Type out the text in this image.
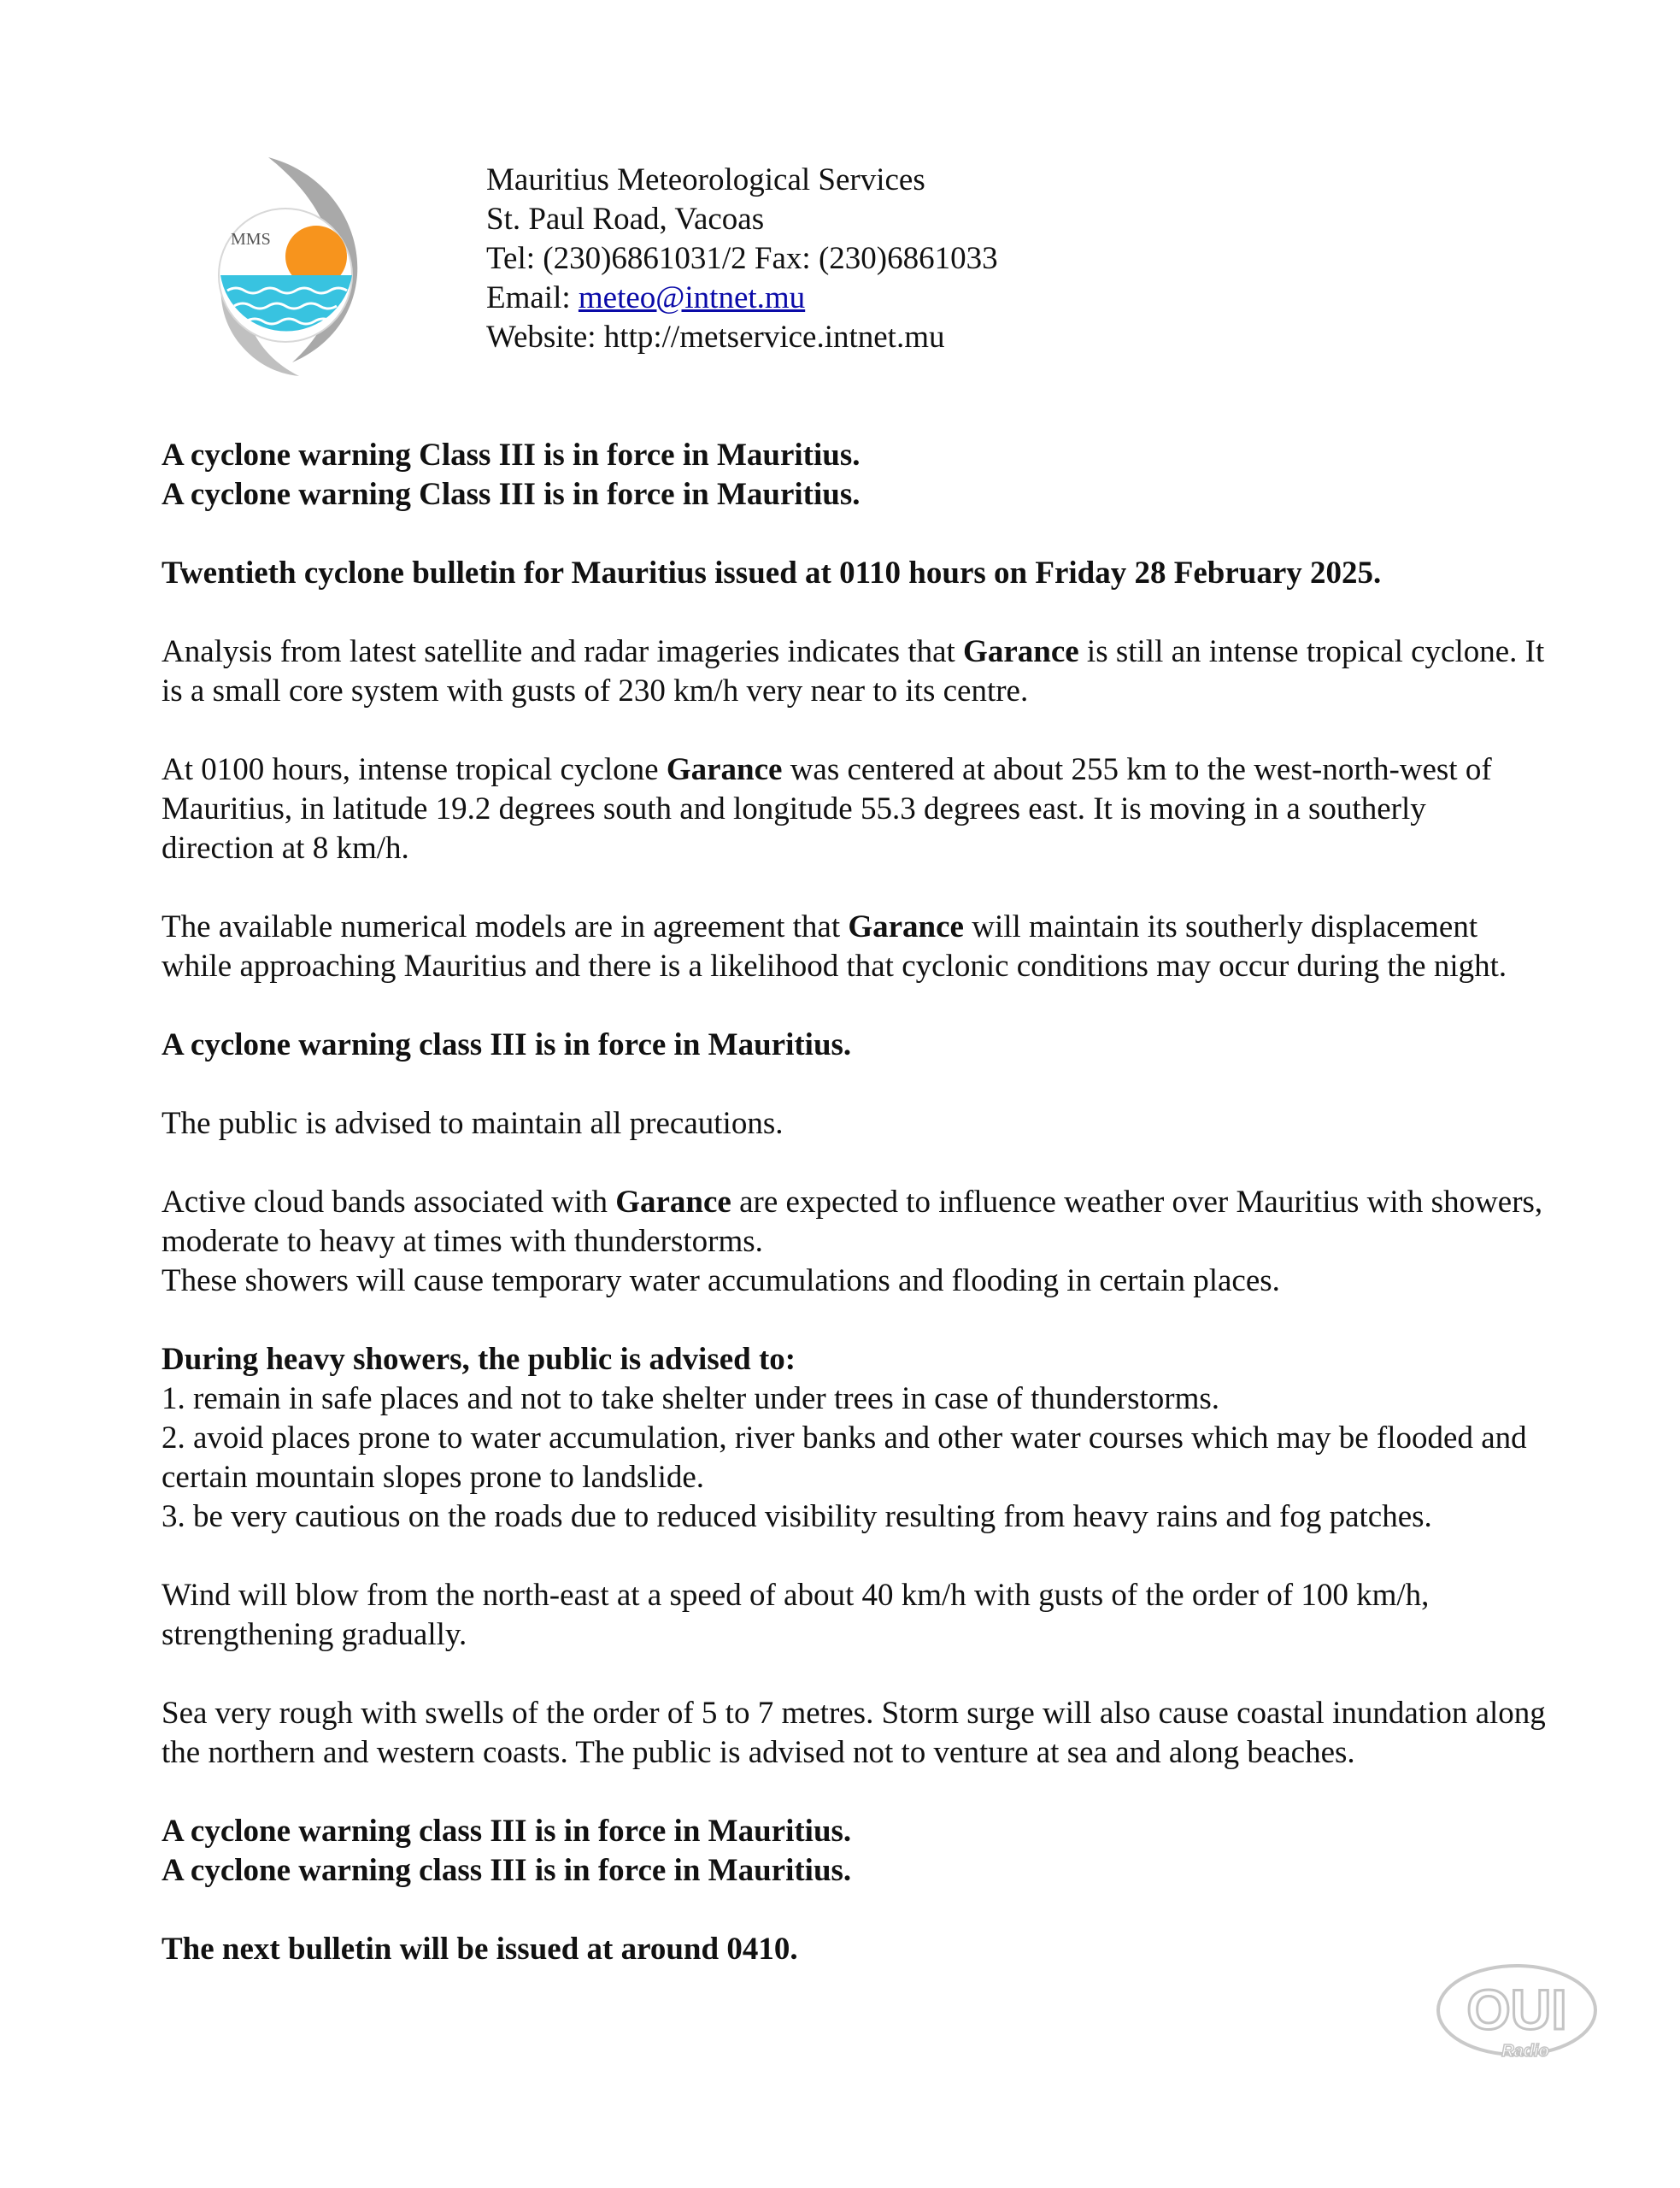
MMS
Mauritius Meteorological Services
St. Paul Road, Vacoas
Tel: (230)6861031/2 Fax: (230)6861033
Email: meteo@intnet.mu
Website: http://metservice.intnet.mu

A cyclone warning Class III is in force in Mauritius.

A cyclone warning Class III is in force in Mauritius.

Twentieth cyclone bulletin for Mauritius issued at 0110 hours on Friday 28 February 2025.

Analysis from latest satellite and radar imageries indicates that Garance is still an intense tropical cyclone. It is a small core system with gusts of 230 km/h very near to its centre.

At 0100 hours, intense tropical cyclone Garance was centered at about 255 km to the west-north-west of Mauritius, in latitude 19.2 degrees south and longitude 55.3 degrees east. It is moving in a southerly direction at 8 km/h.

The available numerical models are in agreement that Garance will maintain its southerly displacement while approaching Mauritius and there is a likelihood that cyclonic conditions may occur during the night.

A cyclone warning class III is in force in Mauritius.

The public is advised to maintain all precautions.

Active cloud bands associated with Garance are expected to influence weather over Mauritius with showers, moderate to heavy at times with thunderstorms.

These showers will cause temporary water accumulations and flooding in certain places.

During heavy showers, the public is advised to:

1. remain in safe places and not to take shelter under trees in case of thunderstorms.

2. avoid places prone to water accumulation, river banks and other water courses which may be flooded and certain mountain slopes prone to landslide.

3. be very cautious on the roads due to reduced visibility resulting from heavy rains and fog patches.

Wind will blow from the north-east at a speed of about 40 km/h with gusts of the order of 100 km/h, strengthening gradually.

Sea very rough with swells of the order of 5 to 7 metres. Storm surge will also cause coastal inundation along the northern and western coasts. The public is advised not to venture at sea and along beaches.

A cyclone warning class III is in force in Mauritius.

A cyclone warning class III is in force in Mauritius.

The next bulletin will be issued at around 0410.

OUI
Radio
